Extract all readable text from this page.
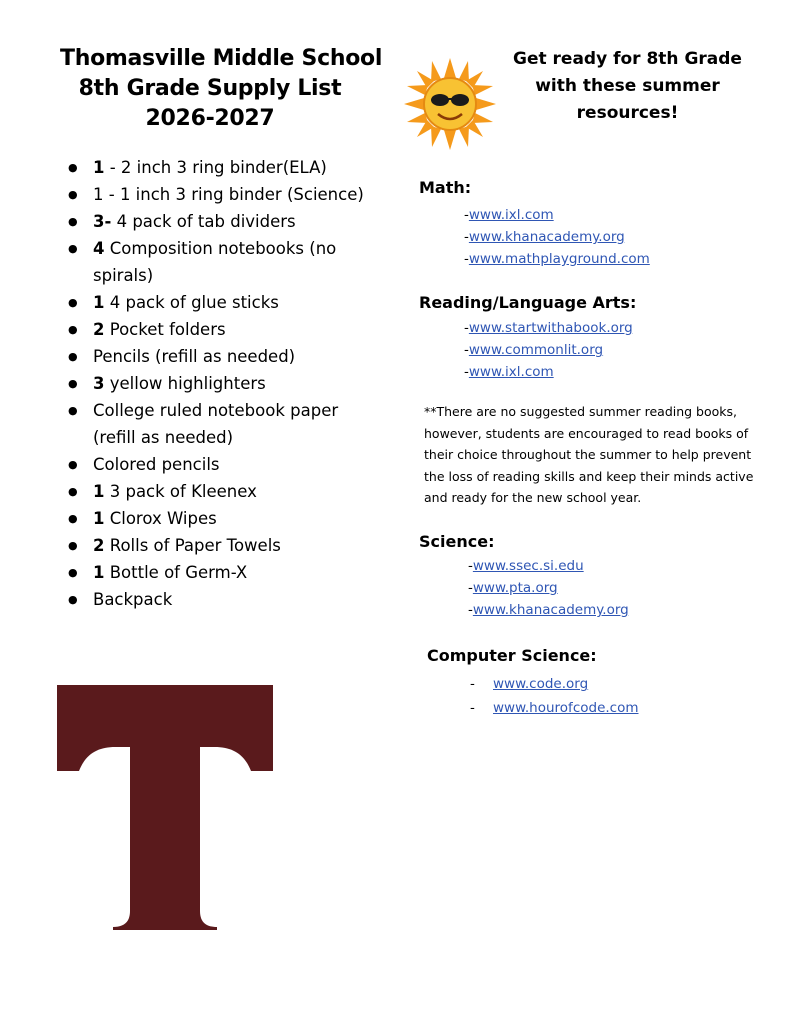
Thomasville Middle School
8th Grade Supply List
2026-2027
● 1 - 2 inch 3 ring binder(ELA)
● 1 - 1 inch 3 ring binder (Science)
● 3- 4 pack of tab dividers
● 4 Composition notebooks (no spirals)
● 1 4 pack of glue sticks
● 2 Pocket folders
● Pencils (refill as needed)
● 3 yellow highlighters
● College ruled notebook paper (refill as needed)
● Colored pencils
● 1 3 pack of Kleenex
● 1 Clorox Wipes
● 2 Rolls of Paper Towels
● 1 Bottle of Germ-X
● Backpack
Get ready for 8th Grade with these summer resources!
Math:
-www.ixl.com
-www.khanacademy.org
-www.mathplayground.com
Reading/Language Arts:
-www.startwithabook.org
-www.commonlit.org
-www.ixl.com
**There are no suggested summer reading books, however, students are encouraged to read books of their choice throughout the summer to help prevent the loss of reading skills and keep their minds active and ready for the new school year.
Science:
-www.ssec.si.edu
-www.pta.org
-www.khanacademy.org
Computer Science:
- www.code.org
- www.hourofcode.com
